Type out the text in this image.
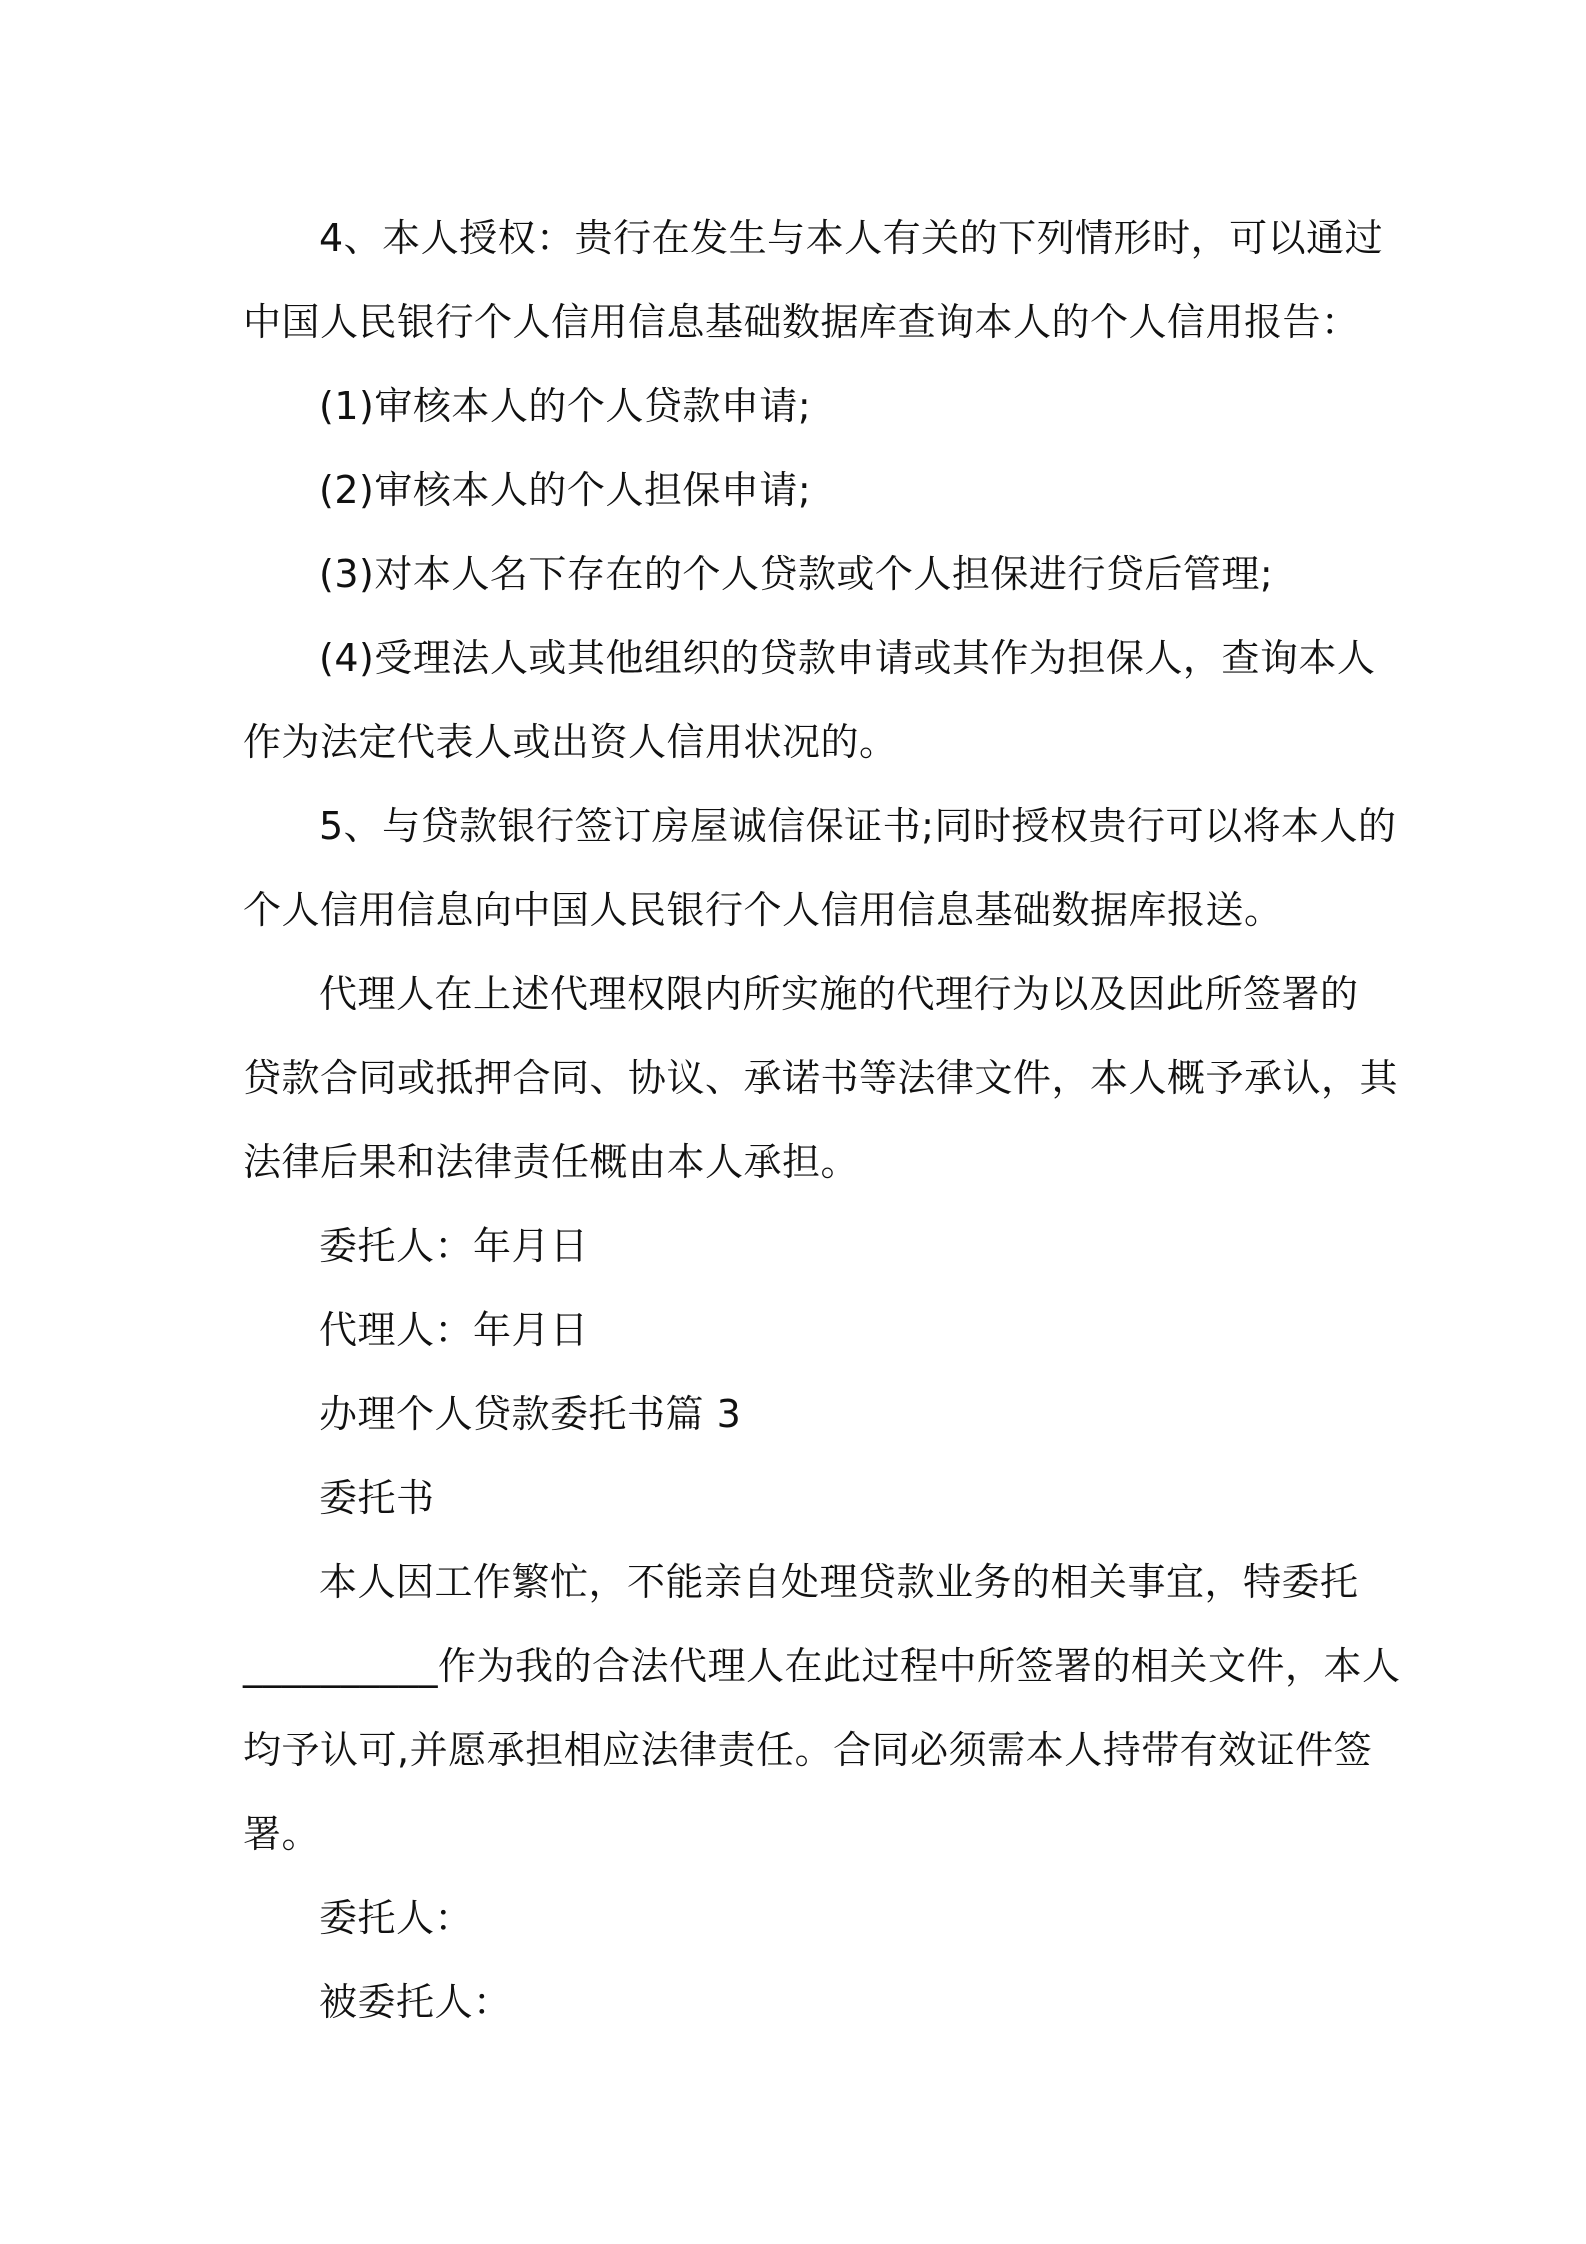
4、本人授权：贵行在发生与本人有关的下列情形时，可以通过
中国人民银行个人信用信息基础数据库查询本人的个人信用报告：
(1)审核本人的个人贷款申请;
(2)审核本人的个人担保申请;
(3)对本人名下存在的个人贷款或个人担保进行贷后管理;
(4)受理法人或其他组织的贷款申请或其作为担保人，查询本人
作为法定代表人或出资人信用状况的。
5、与贷款银行签订房屋诚信保证书;同时授权贵行可以将本人的
个人信用信息向中国人民银行个人信用信息基础数据库报送。
代理人在上述代理权限内所实施的代理行为以及因此所签署的
贷款合同或抵押合同、协议、承诺书等法律文件，本人概予承认，其
法律后果和法律责任概由本人承担。
委托人：年月日
代理人：年月日
办理个人贷款委托书篇 3
委托书
本人因工作繁忙，不能亲自处理贷款业务的相关事宜，特委托
__________作为我的合法代理人在此过程中所签署的相关文件，本人
均予认可,并愿承担相应法律责任。合同必须需本人持带有效证件签
署。
委托人：
被委托人：
